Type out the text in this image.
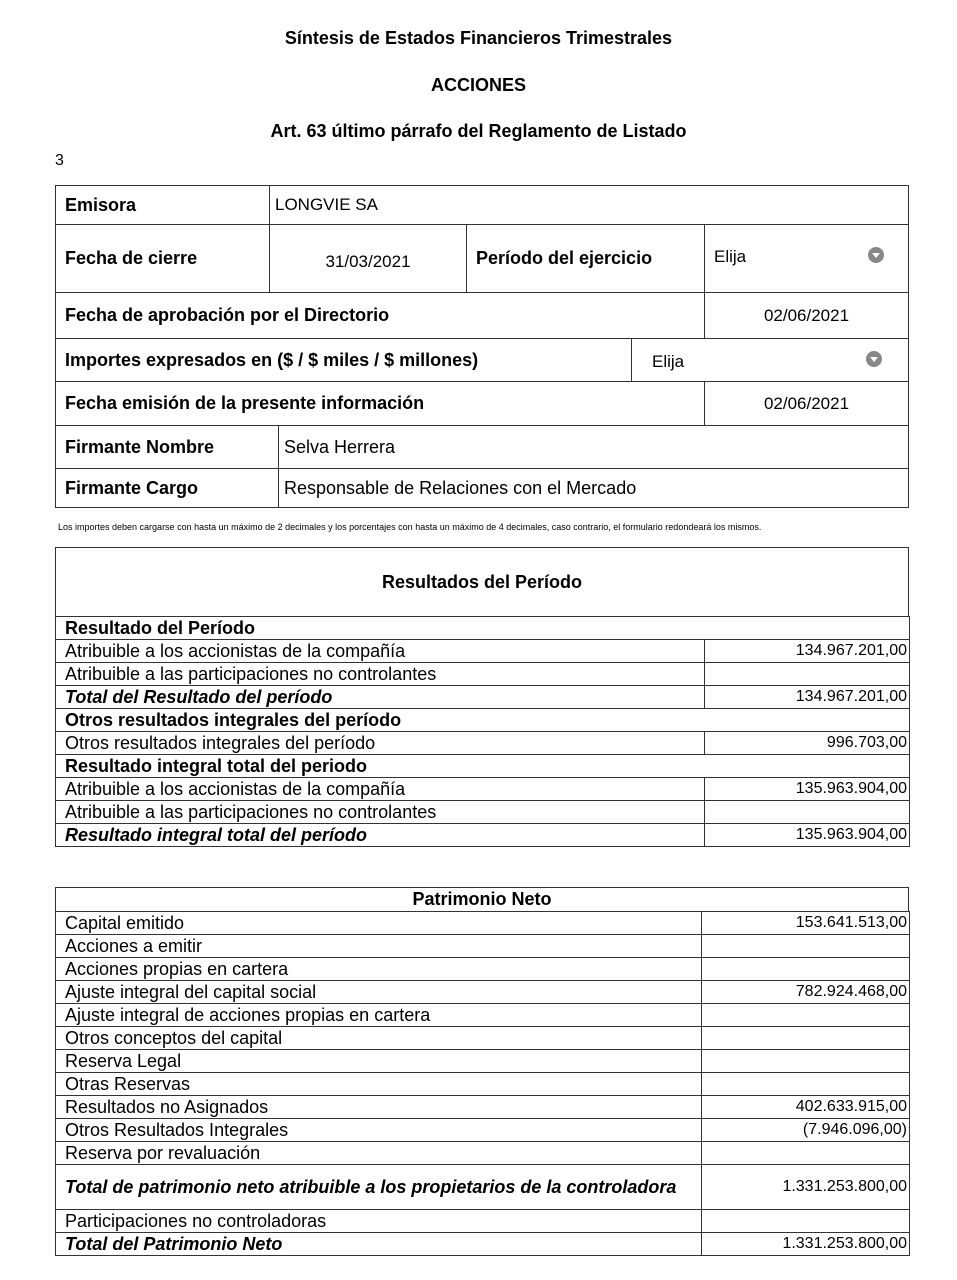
Síntesis de Estados Financieros Trimestrales
ACCIONES
Art. 63 último párrafo del Reglamento de Listado
3
Emisora	LONGVIE SA
Fecha de cierre	31/03/2021	Período del ejercicio	Elija
Fecha de aprobación por el Directorio	02/06/2021
Importes expresados en ($ / $ miles / $ millones)	Elija
Fecha emisión de la presente información	02/06/2021
Firmante Nombre	Selva Herrera
Firmante Cargo	Responsable de Relaciones con el Mercado
Los importes deben cargarse con hasta un máximo de 2 decimales y los porcentajes con hasta un máximo de 4 decimales, caso contrario, el formulario redondeará los mismos.
Resultados del Período
Resultado del Período	
Atribuible a los accionistas de la compañía	134.967.201,00
Atribuible a las participaciones no controlantes	
Total del Resultado del período	134.967.201,00
Otros resultados integrales del período	
Otros resultados integrales del período	996.703,00
Resultado integral total del periodo	
Atribuible a los accionistas de la compañía	135.963.904,00
Atribuible a las participaciones no controlantes	
Resultado integral total del período	135.963.904,00
Patrimonio Neto
Capital emitido	153.641.513,00
Acciones a emitir	
Acciones propias en cartera	
Ajuste integral del capital social	782.924.468,00
Ajuste integral de acciones propias en cartera	
Otros conceptos del capital	
Reserva Legal	
Otras Reservas	
Resultados no Asignados	402.633.915,00
Otros Resultados Integrales	(7.946.096,00)
Reserva por revaluación	
Total de patrimonio neto atribuible a los propietarios de la controladora	1.331.253.800,00
Participaciones no controladoras	
Total del Patrimonio Neto	1.331.253.800,00
